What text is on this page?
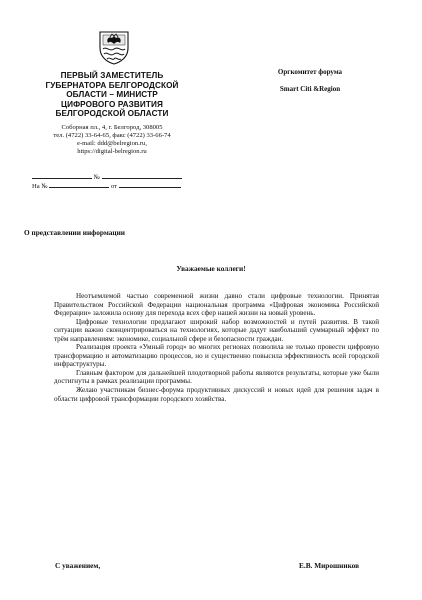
ПЕРВЫЙ ЗАМЕСТИТЕЛЬ
ГУБЕРНАТОРА БЕЛГОРОДСКОЙ
ОБЛАСТИ – МИНИСТР
ЦИФРОВОГО РАЗВИТИЯ
БЕЛГОРОДСКОЙ ОБЛАСТИ
Соборная пл., 4, г. Белгород, 308005
тел. (4722) 33-64-65, факс (4722) 33-66-74
e-mail: ddd@belregion.ru,
https://digital-belregion.ru
№
На №	от
Оргкомитет форума
Smart Citi &Region
О представлении информации
Уважаемые коллеги!

Неотъемлемой частью современной жизни давно стали цифровые технологии. Принятая Правительством Российской Федерации национальная программа «Цифровая экономика Российской Федерации» заложила основу для перехода всех сфер нашей жизни на новый уровень.

Цифровые технологии предлагают широкий набор возможностей и путей развития. В такой ситуации важно сконцентрироваться на технологиях, которые дадут наибольший суммарный эффект по трём направлениям: экономике, социальной сфере и безопасности граждан.

Реализация проекта «Умный город» во многих регионах позволила не только провести цифровую трансформацию и автоматизацию процессов, но и существенно повысила эффективность всей городской инфраструктуры.

Главным фактором для дальнейшей плодотворной работы являются результаты, которые уже были достигнуты в рамках реализации программы.

Желаю участникам бизнес-форума продуктивных дискуссий и новых идей для решения задач в области цифровой трансформации городского хозяйства.

С уважением,	Е.В. Мирошников
